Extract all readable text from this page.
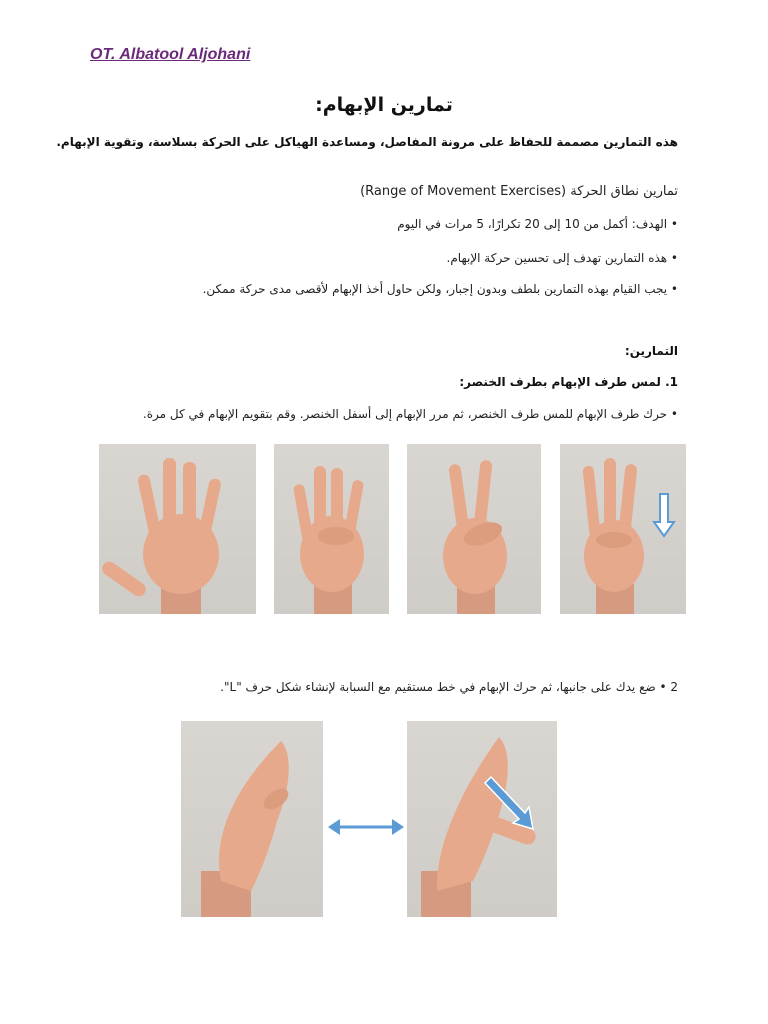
OT. Albatool Aljohani
تمارين الإبهام:
هذه التمارين مصممة للحفاظ على مرونة المفاصل، ومساعدة الهياكل على الحركة بسلاسة، وتقوية الإبهام.
تمارين نطاق الحركة (Range of Movement Exercises)
• الهدف: أكمل من 10 إلى 20 تكرارًا، 5 مرات في اليوم
• هذه التمارين تهدف إلى تحسين حركة الإبهام.
• يجب القيام بهذه التمارين بلطف وبدون إجبار، ولكن حاول أخذ الإبهام لأقصى مدى حركة ممكن.
التمارين:
1. لمس طرف الإبهام بطرف الخنصر:
• حرك طرف الإبهام للمس طرف الخنصر، ثم مرر الإبهام إلى أسفل الخنصر. وقم بتقويم الإبهام في كل مرة.
2 • ضع يدك على جانبها، ثم حرك الإبهام في خط مستقيم مع السبابة لإنشاء شكل حرف "L".
